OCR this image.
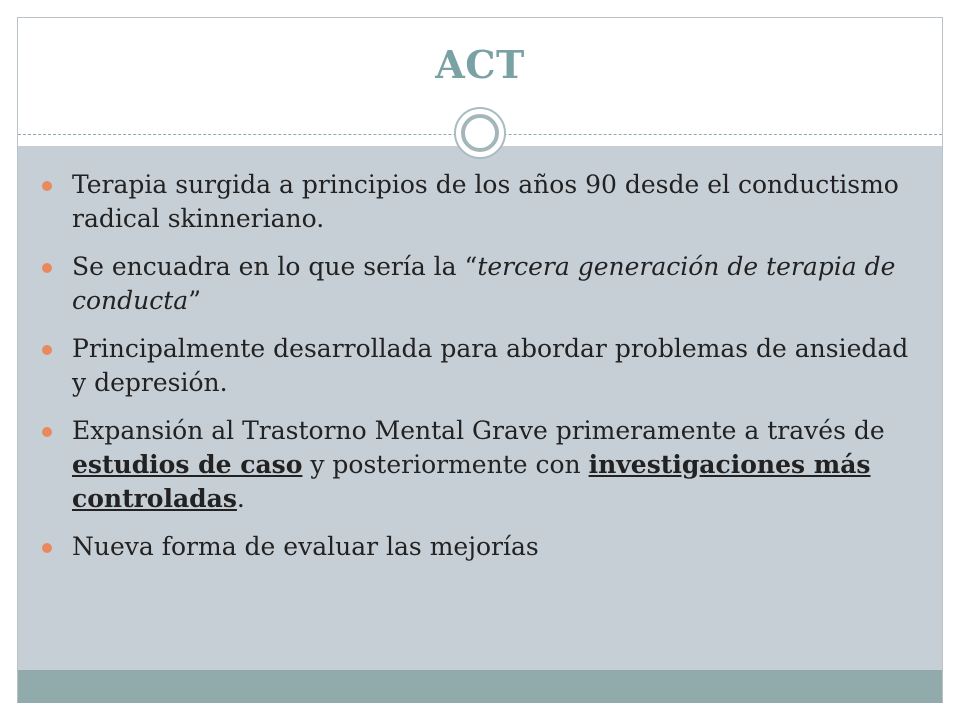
ACT
Terapia surgida a principios de los años 90 desde el conductismo radical skinneriano.
Se encuadra en lo que sería la “tercera generación de terapia de conducta”
Principalmente desarrollada para abordar problemas de ansiedad y depresión.
Expansión al Trastorno Mental Grave primeramente a través de estudios de caso y posteriormente con investigaciones más controladas.
Nueva forma de evaluar las mejorías
